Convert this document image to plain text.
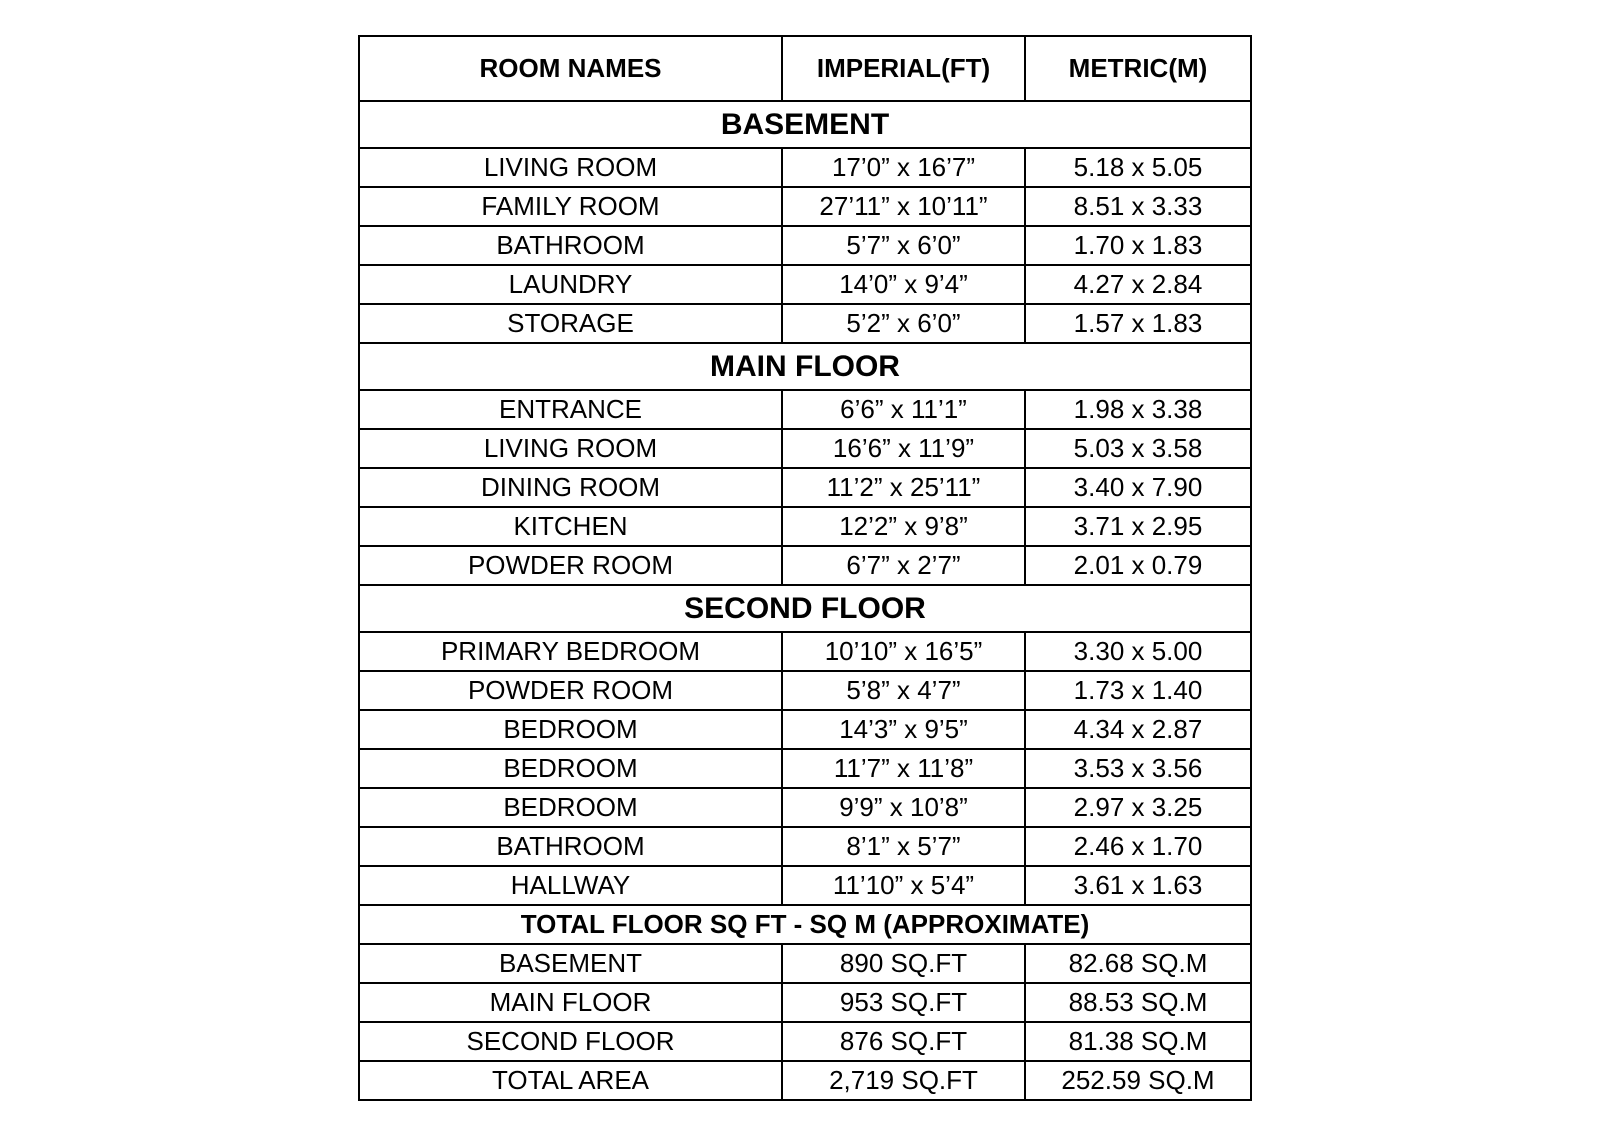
ROOM NAMES	IMPERIAL(FT)	METRIC(M)
BASEMENT		
LIVING ROOM	17’0” x 16’7”	5.18 x 5.05
FAMILY ROOM	27’11” x 10’11”	8.51 x 3.33
BATHROOM	5’7” x 6’0”	1.70 x 1.83
LAUNDRY	14’0” x 9’4”	4.27 x 2.84
STORAGE	5’2” x 6’0”	1.57 x 1.83
MAIN FLOOR		
ENTRANCE	6’6” x 11’1”	1.98 x 3.38
LIVING ROOM	16’6” x 11’9”	5.03 x 3.58
DINING ROOM	11’2” x 25’11”	3.40 x 7.90
KITCHEN	12’2” x 9’8”	3.71 x 2.95
POWDER ROOM	6’7” x 2’7”	2.01 x 0.79
SECOND FLOOR		
PRIMARY BEDROOM	10’10” x 16’5”	3.30 x 5.00
POWDER ROOM	5’8” x 4’7”	1.73 x 1.40
BEDROOM	14’3” x 9’5”	4.34 x 2.87
BEDROOM	11’7” x 11’8”	3.53 x 3.56
BEDROOM	9’9” x 10’8”	2.97 x 3.25
BATHROOM	8’1” x 5’7”	2.46 x 1.70
HALLWAY	11’10” x 5’4”	3.61 x 1.63
TOTAL FLOOR SQ FT - SQ M (APPROXIMATE)		
BASEMENT	890 SQ.FT	82.68 SQ.M
MAIN FLOOR	953 SQ.FT	88.53 SQ.M
SECOND FLOOR	876 SQ.FT	81.38 SQ.M
TOTAL AREA	2,719 SQ.FT	252.59 SQ.M
